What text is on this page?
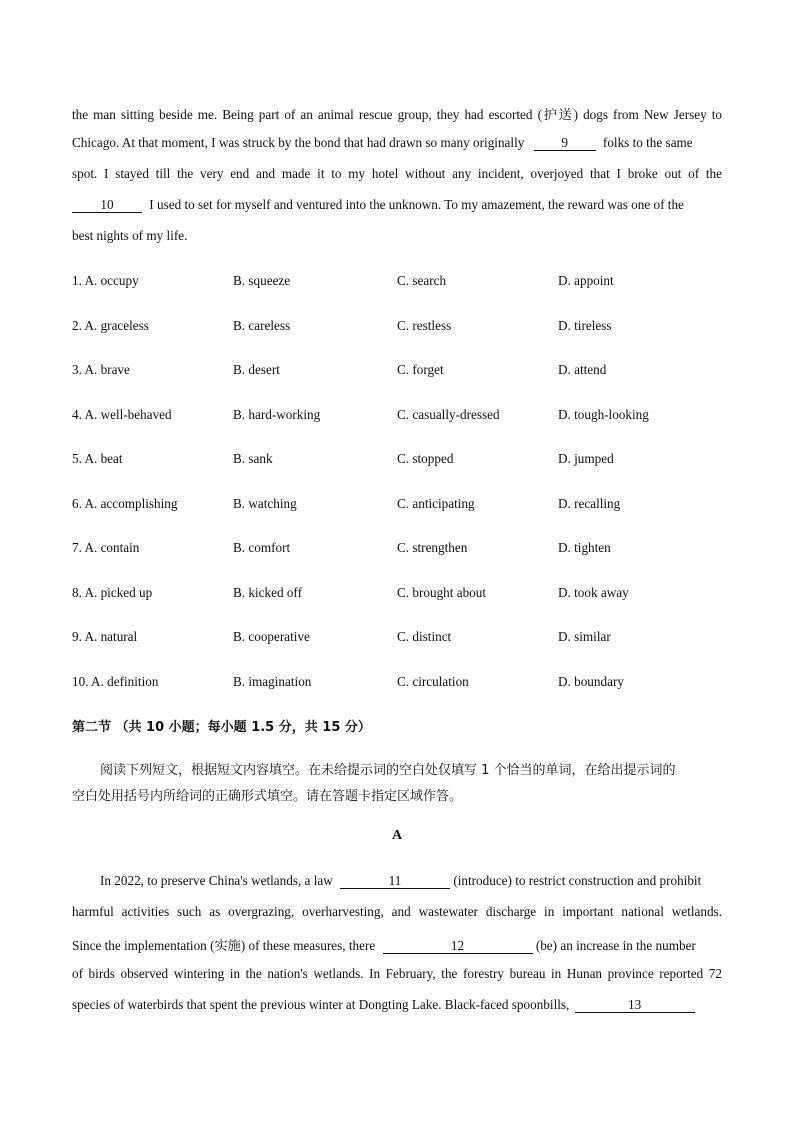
the man sitting beside me. Being part of an animal rescue group, they had escorted (护送) dogs from New Jersey to
Chicago. At that moment, I was struck by the bond that had drawn so many originally	9	folks to the same
spot. I stayed till the very end and made it to my hotel without any incident, overjoyed that I broke out of the
10	I used to set for myself and ventured into the unknown. To my amazement, the reward was one of the
best nights of my life.
1. A. occupy	B. squeeze	C. search	D. appoint
2. A. graceless	B. careless	C. restless	D. tireless
3. A. brave	B. desert	C. forget	D. attend
4. A. well-behaved	B. hard-working	C. casually-dressed	D. tough-looking
5. A. beat	B. sank	C. stopped	D. jumped
6. A. accomplishing	B. watching	C. anticipating	D. recalling
7. A. contain	B. comfort	C. strengthen	D. tighten
8. A. picked up	B. kicked off	C. brought about	D. took away
9. A. natural	B. cooperative	C. distinct	D. similar
10. A. definition	B. imagination	C. circulation	D. boundary
第二节 （共 10 小题；每小题 1.5 分，共 15 分）
阅读下列短文，根据短文内容填空。在未给提示词的空白处仅填写 1 个恰当的单词，在给出提示词的
空白处用括号内所给词的正确形式填空。请在答题卡指定区域作答。
A
In 2022, to preserve China's wetlands, a law	11	(introduce) to restrict construction and prohibit
harmful activities such as overgrazing, overharvesting, and wastewater discharge in important national wetlands.
Since the implementation (实施) of these measures, there	12	(be) an increase in the number
of birds observed wintering in the nation's wetlands. In February, the forestry bureau in Hunan province reported 72
species of waterbirds that spent the previous winter at Dongting Lake. Black-faced spoonbills,	13
